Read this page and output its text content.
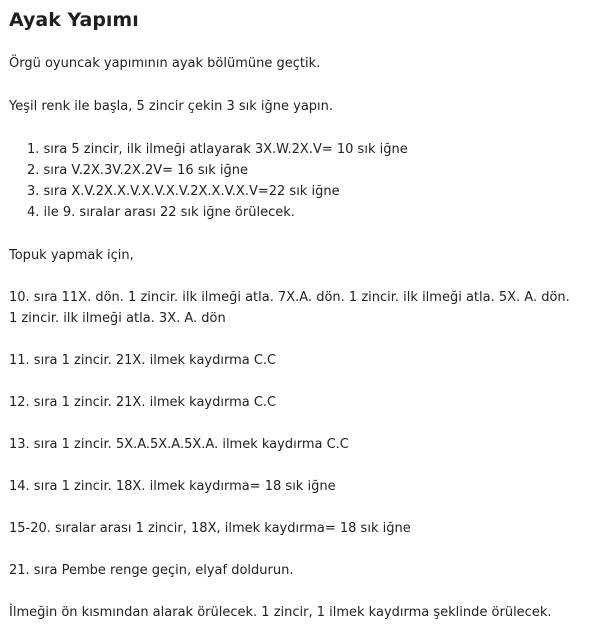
Ayak Yapımı

Örgü oyuncak yapımının ayak bölümüne geçtik.

Yeşil renk ile başla, 5 zincir çekin 3 sık iğne yapın.

1. sıra 5 zincir, ilk ilmeği atlayarak 3X.W.2X.V= 10 sık iğne
2. sıra V.2X.3V.2X.2V= 16 sık iğne
3. sıra X.V.2X.X.V.X.V.X.V.2X.X.V.X.V=22 sık iğne
4. ile 9. sıralar arası 22 sık iğne örülecek.

Topuk yapmak için,

10. sıra 11X. dön. 1 zincir. ilk ilmeği atla. 7X.A. dön. 1 zincir. ilk ilmeği atla. 5X. A. dön. 1 zincir. ilk ilmeği atla. 3X. A. dön

11. sıra 1 zincir. 21X. ilmek kaydırma C.C

12. sıra 1 zincir. 21X. ilmek kaydırma C.C

13. sıra 1 zincir. 5X.A.5X.A.5X.A. ilmek kaydırma C.C

14. sıra 1 zincir. 18X. ilmek kaydırma= 18 sık iğne

15-20. sıralar arası 1 zincir, 18X, ilmek kaydırma= 18 sık iğne

21. sıra Pembe renge geçin, elyaf doldurun.

İlmeğin ön kısmından alarak örülecek. 1 zincir, 1 ilmek kaydırma şeklinde örülecek.
